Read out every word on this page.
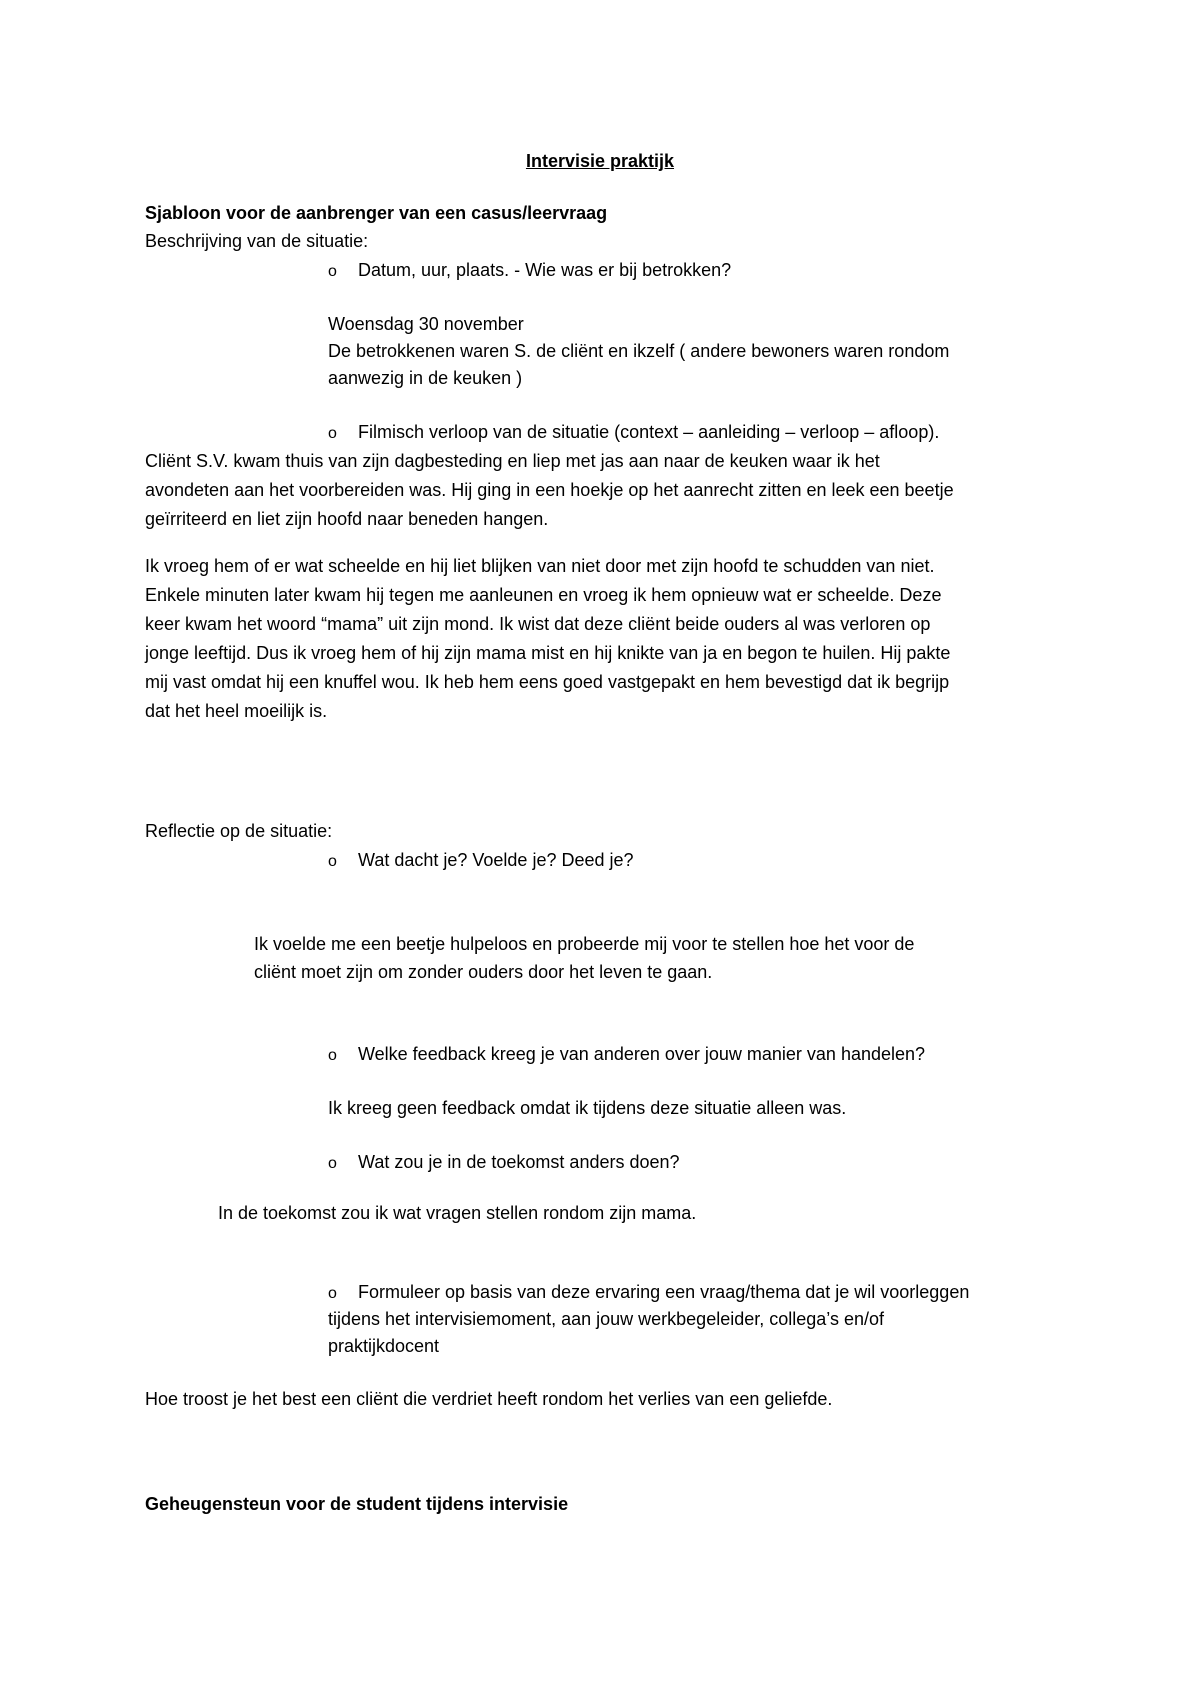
Intervisie praktijk
Sjabloon voor de aanbrenger van een casus/leervraag
Beschrijving van de situatie:
o Datum, uur, plaats. - Wie was er bij betrokken?
Woensdag 30 november
De betrokkenen waren S. de cliënt en ikzelf ( andere bewoners waren rondom
aanwezig in de keuken )
o Filmisch verloop van de situatie (context – aanleiding – verloop – afloop).
Cliënt S.V. kwam thuis van zijn dagbesteding en liep met jas aan naar de keuken waar ik het
avondeten aan het voorbereiden was. Hij ging in een hoekje op het aanrecht zitten en leek een beetje
geïrriteerd en liet zijn hoofd naar beneden hangen.
Ik vroeg hem of er wat scheelde en hij liet blijken van niet door met zijn hoofd te schudden van niet.
Enkele minuten later kwam hij tegen me aanleunen en vroeg ik hem opnieuw wat er scheelde. Deze
keer kwam het woord “mama” uit zijn mond. Ik wist dat deze cliënt beide ouders al was verloren op
jonge leeftijd. Dus ik vroeg hem of hij zijn mama mist en hij knikte van ja en begon te huilen. Hij pakte
mij vast omdat hij een knuffel wou. Ik heb hem eens goed vastgepakt en hem bevestigd dat ik begrijp
dat het heel moeilijk is.
Reflectie op de situatie:
o Wat dacht je? Voelde je? Deed je?
Ik voelde me een beetje hulpeloos en probeerde mij voor te stellen hoe het voor de
cliënt moet zijn om zonder ouders door het leven te gaan.
o Welke feedback kreeg je van anderen over jouw manier van handelen?
Ik kreeg geen feedback omdat ik tijdens deze situatie alleen was.
o Wat zou je in de toekomst anders doen?
In de toekomst zou ik wat vragen stellen rondom zijn mama.
o Formuleer op basis van deze ervaring een vraag/thema dat je wil voorleggen
tijdens het intervisiemoment, aan jouw werkbegeleider, collega’s en/of
praktijkdocent
Hoe troost je het best een cliënt die verdriet heeft rondom het verlies van een geliefde.
Geheugensteun voor de student tijdens intervisie
